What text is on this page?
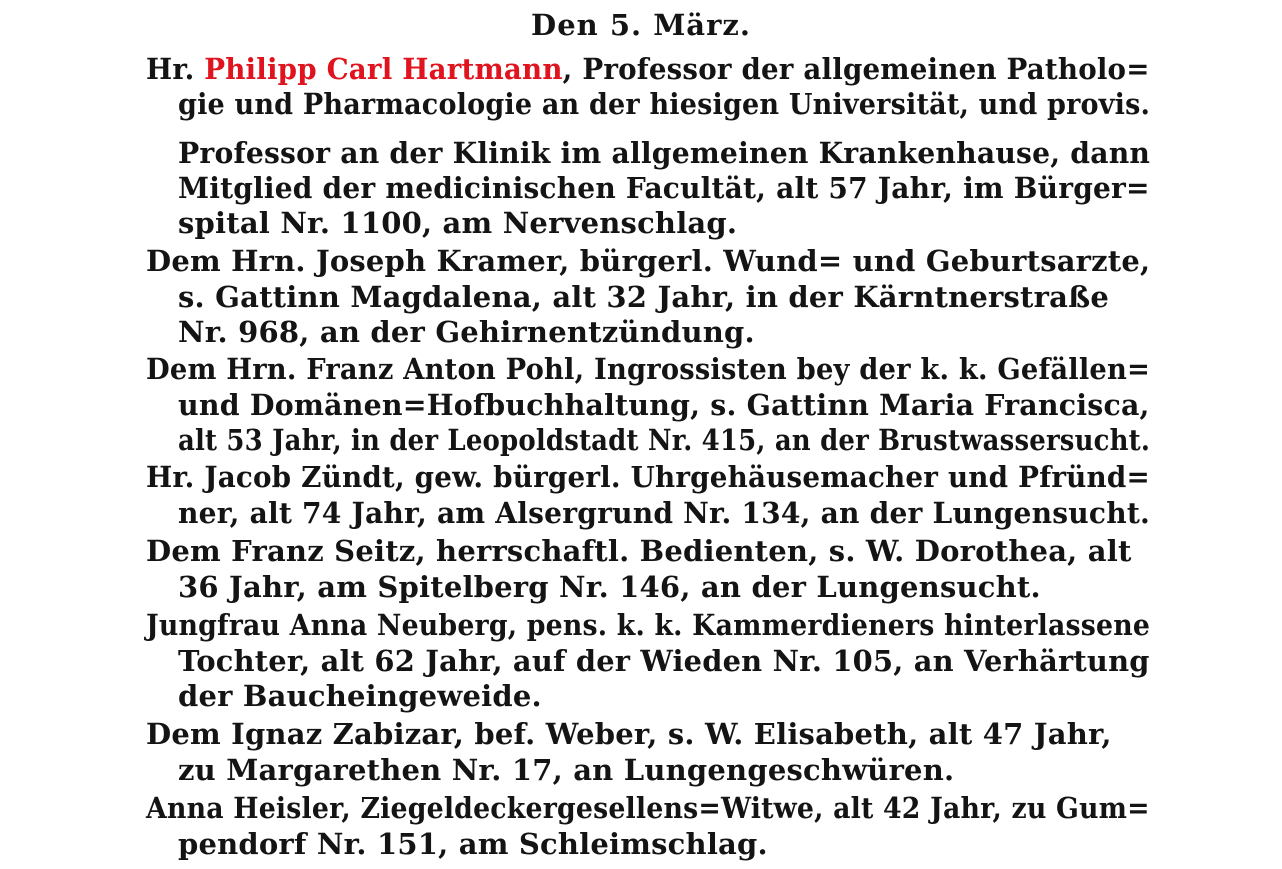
Den 5. März.
Hr. Philipp Carl Hartmann, Professor der allgemeinen Patholo=
gie und Pharmacologie an der hiesigen Universität, und provis.
Professor an der Klinik im allgemeinen Krankenhause, dann
Mitglied der medicinischen Facultät, alt 57 Jahr, im Bürger=
spital Nr. 1100, am Nervenschlag.
Dem Hrn. Joseph Kramer, bürgerl. Wund= und Geburtsarzte,
s. Gattinn Magdalena, alt 32 Jahr, in der Kärntnerstraße
Nr. 968, an der Gehirnentzündung.
Dem Hrn. Franz Anton Pohl, Ingrossisten bey der k. k. Gefällen=
und Domänen=Hofbuchhaltung, s. Gattinn Maria Francisca,
alt 53 Jahr, in der Leopoldstadt Nr. 415, an der Brustwassersucht.
Hr. Jacob Zündt, gew. bürgerl. Uhrgehäusemacher und Pfründ=
ner, alt 74 Jahr, am Alsergrund Nr. 134, an der Lungensucht.
Dem Franz Seitz, herrschaftl. Bedienten, s. W. Dorothea, alt
36 Jahr, am Spitelberg Nr. 146, an der Lungensucht.
Jungfrau Anna Neuberg, pens. k. k. Kammerdieners hinterlassene
Tochter, alt 62 Jahr, auf der Wieden Nr. 105, an Verhärtung
der Baucheingeweide.
Dem Ignaz Zabizar, bef. Weber, s. W. Elisabeth, alt 47 Jahr,
zu Margarethen Nr. 17, an Lungengeschwüren.
Anna Heisler, Ziegeldeckergesellens=Witwe, alt 42 Jahr, zu Gum=
pendorf Nr. 151, am Schleimschlag.
